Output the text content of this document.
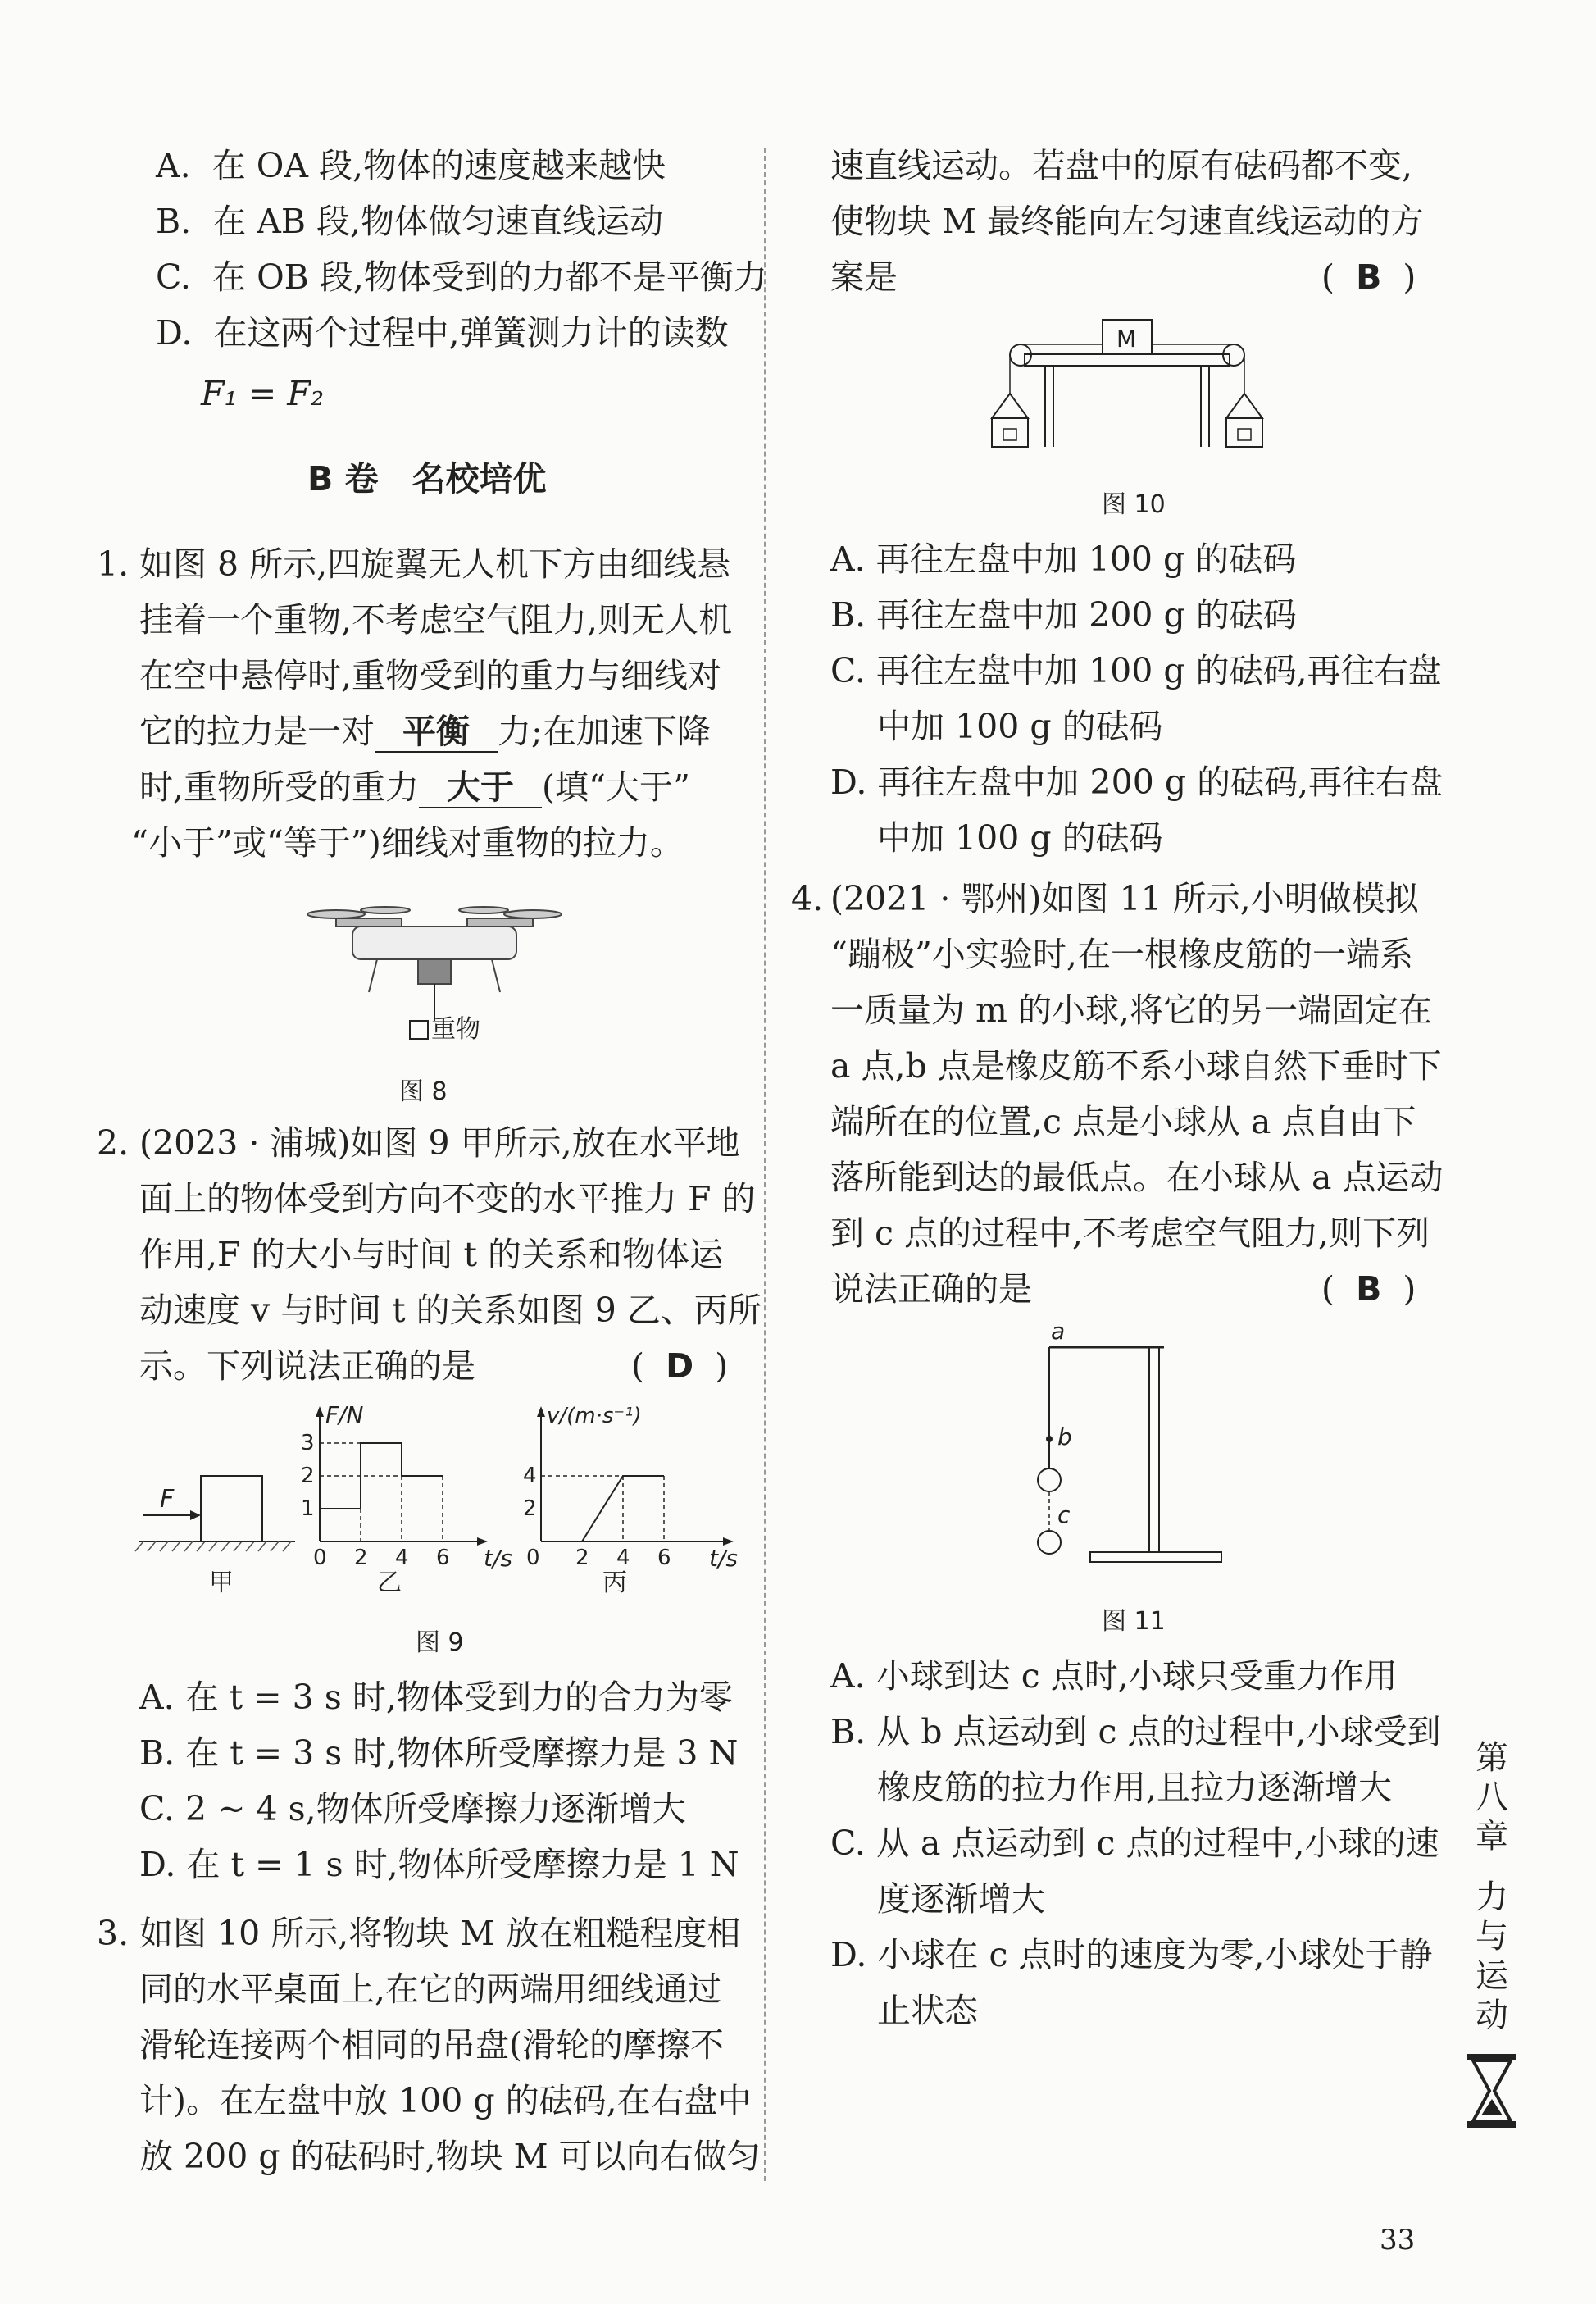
A. 在 OA 段,物体的速度越来越快
B. 在 AB 段,物体做匀速直线运动
C. 在 OB 段,物体受到的力都不是平衡力
D. 在这两个过程中,弹簧测力计的读数
F₁ = F₂
B 卷　名校培优
1. 如图 8 所示,四旋翼无人机下方由细线悬
挂着一个重物,不考虑空气阻力,则无人机
在空中悬停时,重物受到的重力与细线对
它的拉力是一对 平衡 力;在加速下降
时,重物所受的重力 大于 (填“大于”
“小于”或“等于”)细线对重物的拉力。
重物
图 8
2. (2023 · 浦城)如图 9 甲所示,放在水平地
面上的物体受到方向不变的水平推力 F 的
作用,F 的大小与时间 t 的关系和物体运
动速度 v 与时间 t 的关系如图 9 乙、丙所
示。下列说法正确的是	(  D  )
F
甲
F/N
t/s
3
2
1
0 2 4 6
乙
v/(m·s⁻¹)
t/s
4
2
0 2 4 6
丙
图 9
A. 在 t = 3 s 时,物体受到力的合力为零
B. 在 t = 3 s 时,物体所受摩擦力是 3 N
C. 2 ~ 4 s,物体所受摩擦力逐渐增大
D. 在 t = 1 s 时,物体所受摩擦力是 1 N
3. 如图 10 所示,将物块 M 放在粗糙程度相
同的水平桌面上,在它的两端用细线通过
滑轮连接两个相同的吊盘(滑轮的摩擦不
计)。在左盘中放 100 g 的砝码,在右盘中
放 200 g 的砝码时,物块 M 可以向右做匀
速直线运动。若盘中的原有砝码都不变,
使物块 M 最终能向左匀速直线运动的方
案是	(  B  )
M
图 10
A. 再往左盘中加 100 g 的砝码
B. 再往左盘中加 200 g 的砝码
C. 再往左盘中加 100 g 的砝码,再往右盘
中加 100 g 的砝码
D. 再往左盘中加 200 g 的砝码,再往右盘
中加 100 g 的砝码
4. (2021 · 鄂州)如图 11 所示,小明做模拟
“蹦极”小实验时,在一根橡皮筋的一端系
一质量为 m 的小球,将它的另一端固定在
a 点,b 点是橡皮筋不系小球自然下垂时下
端所在的位置,c 点是小球从 a 点自由下
落所能到达的最低点。在小球从 a 点运动
到 c 点的过程中,不考虑空气阻力,则下列
说法正确的是	(  B  )
a
b
c
图 11
A. 小球到达 c 点时,小球只受重力作用
B. 从 b 点运动到 c 点的过程中,小球受到
橡皮筋的拉力作用,且拉力逐渐增大
C. 从 a 点运动到 c 点的过程中,小球的速
度逐渐增大
D. 小球在 c 点时的速度为零,小球处于静
止状态
第
八
章
力
与
运
动
33
